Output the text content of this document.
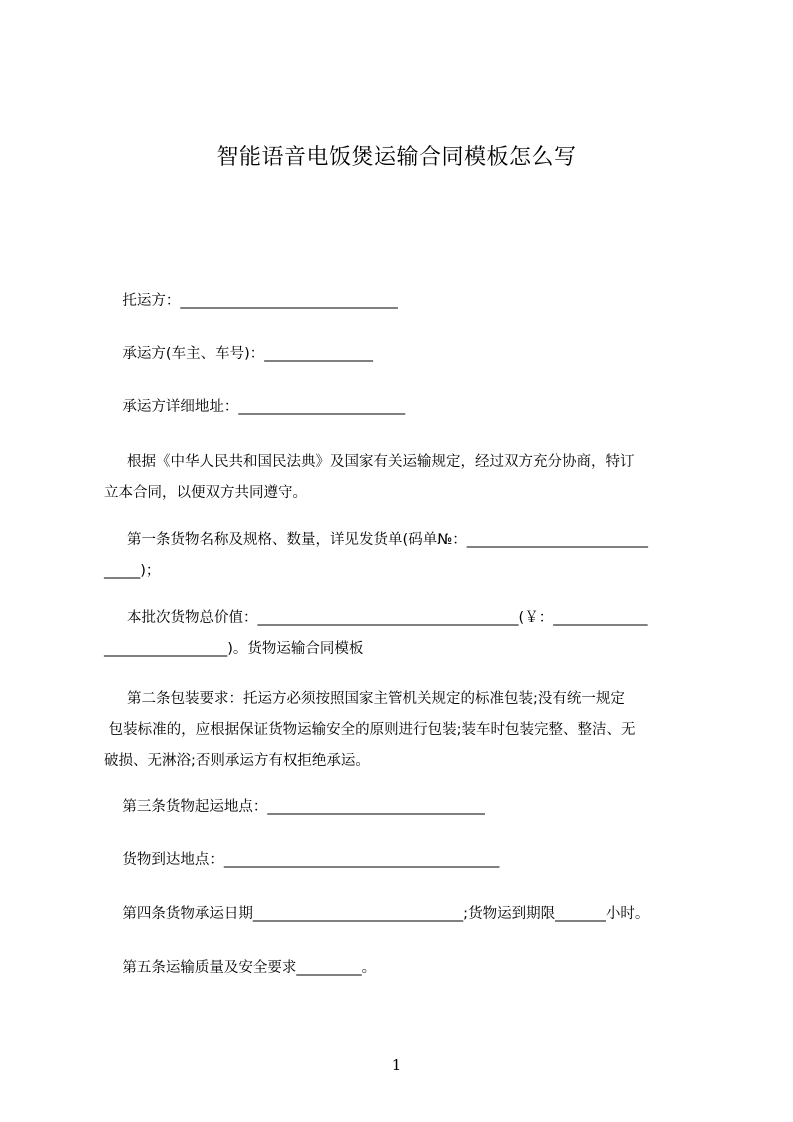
智能语音电饭煲运输合同模板怎么写
托运方：______________________________
承运方(车主、车号)：_______________
承运方详细地址：_______________________
根据《中华人民共和国民法典》及国家有关运输规定，经过双方充分协商，特订
立本合同，以便双方共同遵守。
第一条货物名称及规格、数量，详见发货单(码单№：_________________________
_____)；
本批次货物总价值：____________________________________(￥：_____________
_________________)。货物运输合同模板
第二条包装要求：托运方必须按照国家主管机关规定的标准包装;没有统一规定
包装标准的，应根据保证货物运输安全的原则进行包装;装车时包装完整、整洁、无
破损、无淋浴;否则承运方有权拒绝承运。
第三条货物起运地点：______________________________
货物到达地点：______________________________________
第四条货物承运日期_____________________________;货物运到期限_______小时。
第五条运输质量及安全要求_________。
1
